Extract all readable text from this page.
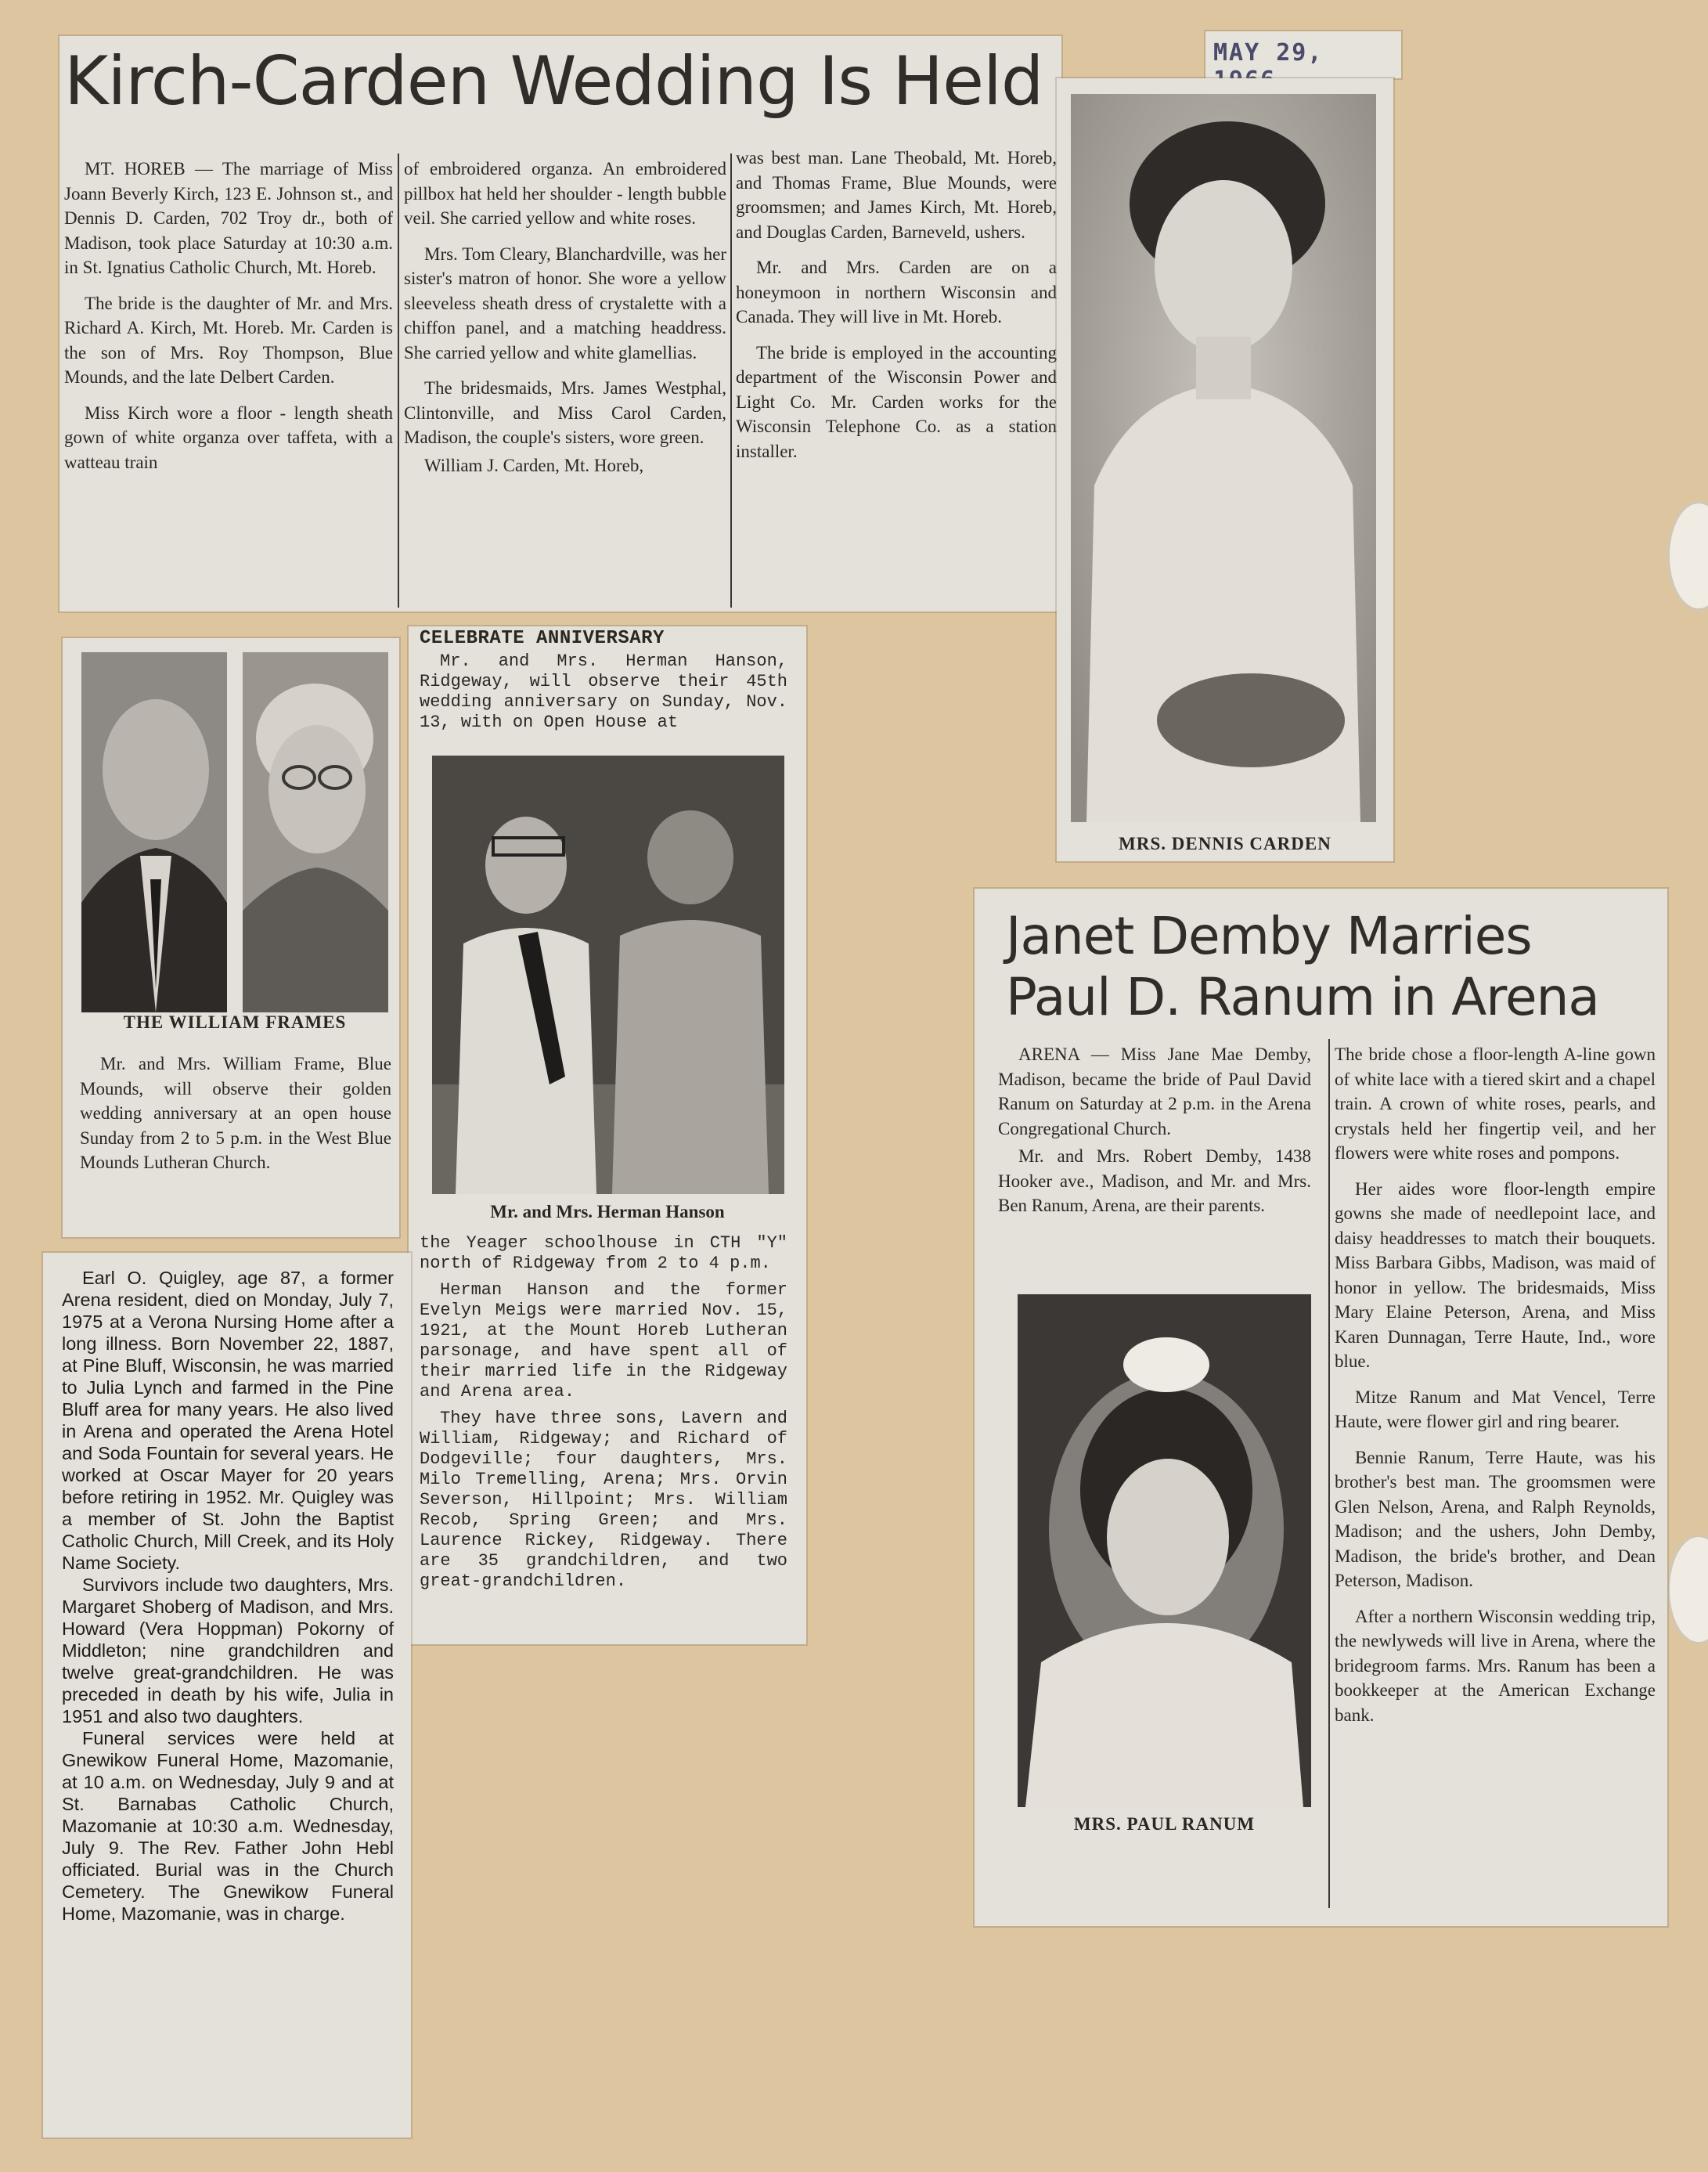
MAY 29,
Kirch-Carden Wedding Is Held

MT. HOREB — The marriage of Miss Joann Beverly Kirch, 123 E. Johnson st., and Dennis D. Carden, 702 Troy dr., both of Madison, took place Saturday at 10:30 a.m. in St. Ignatius Catholic Church, Mt. Horeb.

The bride is the daughter of Mr. and Mrs. Richard A. Kirch, Mt. Horeb. Mr. Carden is the son of Mrs. Roy Thompson, Blue Mounds, and the late Delbert Carden.

Miss Kirch wore a floor - length sheath gown of white organza over taffeta, with a watteau train

of embroidered organza. An embroidered pillbox hat held her shoulder - length bubble veil. She carried yellow and white roses.

Mrs. Tom Cleary, Blanchardville, was her sister's matron of honor. She wore a yellow sleeveless sheath dress of crystalette with a chiffon panel, and a matching headdress. She carried yellow and white glamellias.

The bridesmaids, Mrs. James Westphal, Clintonville, and Miss Carol Carden, Madison, the couple's sisters, wore green.

William J. Carden, Mt. Horeb,

was best man. Lane Theobald, Mt. Horeb, and Thomas Frame, Blue Mounds, were groomsmen; and James Kirch, Mt. Horeb, and Douglas Carden, Barneveld, ushers.

Mr. and Mrs. Carden are on a honeymoon in northern Wisconsin and Canada. They will live in Mt. Horeb.

The bride is employed in the accounting department of the Wisconsin Power and Light Co. Mr. Carden works for the Wisconsin Telephone Co. as a station installer.

MRS. DENNIS CARDEN
THE WILLIAM FRAMES
Mr. and Mrs. William Frame, Blue Mounds, will observe their golden wedding anniversary at an open house Sunday from 2 to 5 p.m. in the West Blue Mounds Lutheran Church.
CELEBRATE ANNIVERSARY
Mr. and Mrs. Herman Hanson, Ridgeway, will observe their 45th wedding anniversary on Sunday, Nov. 13, with on Open House at
Mr. and Mrs. Herman Hanson

the Yeager schoolhouse in CTH "Y" north of Ridgeway from 2 to 4 p.m.

Herman Hanson and the former Evelyn Meigs were married Nov. 15, 1921, at the Mount Horeb Lutheran parsonage, and have spent all of their married life in the Ridgeway and Arena area.

They have three sons, Lavern and William, Ridgeway; and Richard of Dodgeville; four daughters, Mrs. Milo Tremelling, Arena; Mrs. Orvin Severson, Hillpoint; Mrs. William Recob, Spring Green; and Mrs. Laurence Rickey, Ridgeway. There are 35 grandchildren, and two great-grandchildren.

Earl O. Quigley, age 87, a former Arena resident, died on Monday, July 7, 1975 at a Verona Nursing Home after a long illness. Born November 22, 1887, at Pine Bluff, Wisconsin, he was married to Julia Lynch and farmed in the Pine Bluff area for many years. He also lived in Arena and operated the Arena Hotel and Soda Fountain for several years. He worked at Oscar Mayer for 20 years before retiring in 1952. Mr. Quigley was a member of St. John the Baptist Catholic Church, Mill Creek, and its Holy Name Society.

Survivors include two daughters, Mrs. Margaret Shoberg of Madison, and Mrs. Howard (Vera Hoppman) Pokorny of Middleton; nine grandchildren and twelve great-grandchildren. He was preceded in death by his wife, Julia in 1951 and also two daughters.

Funeral services were held at Gnewikow Funeral Home, Mazomanie, at 10 a.m. on Wednesday, July 9 and at St. Barnabas Catholic Church, Mazomanie at 10:30 a.m. Wednesday, July 9. The Rev. Father John Hebl officiated. Burial was in the Church Cemetery. The Gnewikow Funeral Home, Mazomanie, was in charge.

Janet Demby Marries
Paul D. Ranum in Arena

ARENA — Miss Jane Mae Demby, Madison, became the bride of Paul David Ranum on Saturday at 2 p.m. in the Arena Congregational Church.

Mr. and Mrs. Robert Demby, 1438 Hooker ave., Madison, and Mr. and Mrs. Ben Ranum, Arena, are their parents.

MRS. PAUL RANUM

The bride chose a floor-length A-line gown of white lace with a tiered skirt and a chapel train. A crown of white roses, pearls, and crystals held her fingertip veil, and her flowers were white roses and pompons.

Her aides wore floor-length empire gowns she made of needlepoint lace, and daisy headdresses to match their bouquets. Miss Barbara Gibbs, Madison, was maid of honor in yellow. The bridesmaids, Miss Mary Elaine Peterson, Arena, and Miss Karen Dunnagan, Terre Haute, Ind., wore blue.

Mitze Ranum and Mat Vencel, Terre Haute, were flower girl and ring bearer.

Bennie Ranum, Terre Haute, was his brother's best man. The groomsmen were Glen Nelson, Arena, and Ralph Reynolds, Madison; and the ushers, John Demby, Madison, the bride's brother, and Dean Peterson, Madison.

After a northern Wisconsin wedding trip, the newlyweds will live in Arena, where the bridegroom farms. Mrs. Ranum has been a bookkeeper at the American Exchange bank.
